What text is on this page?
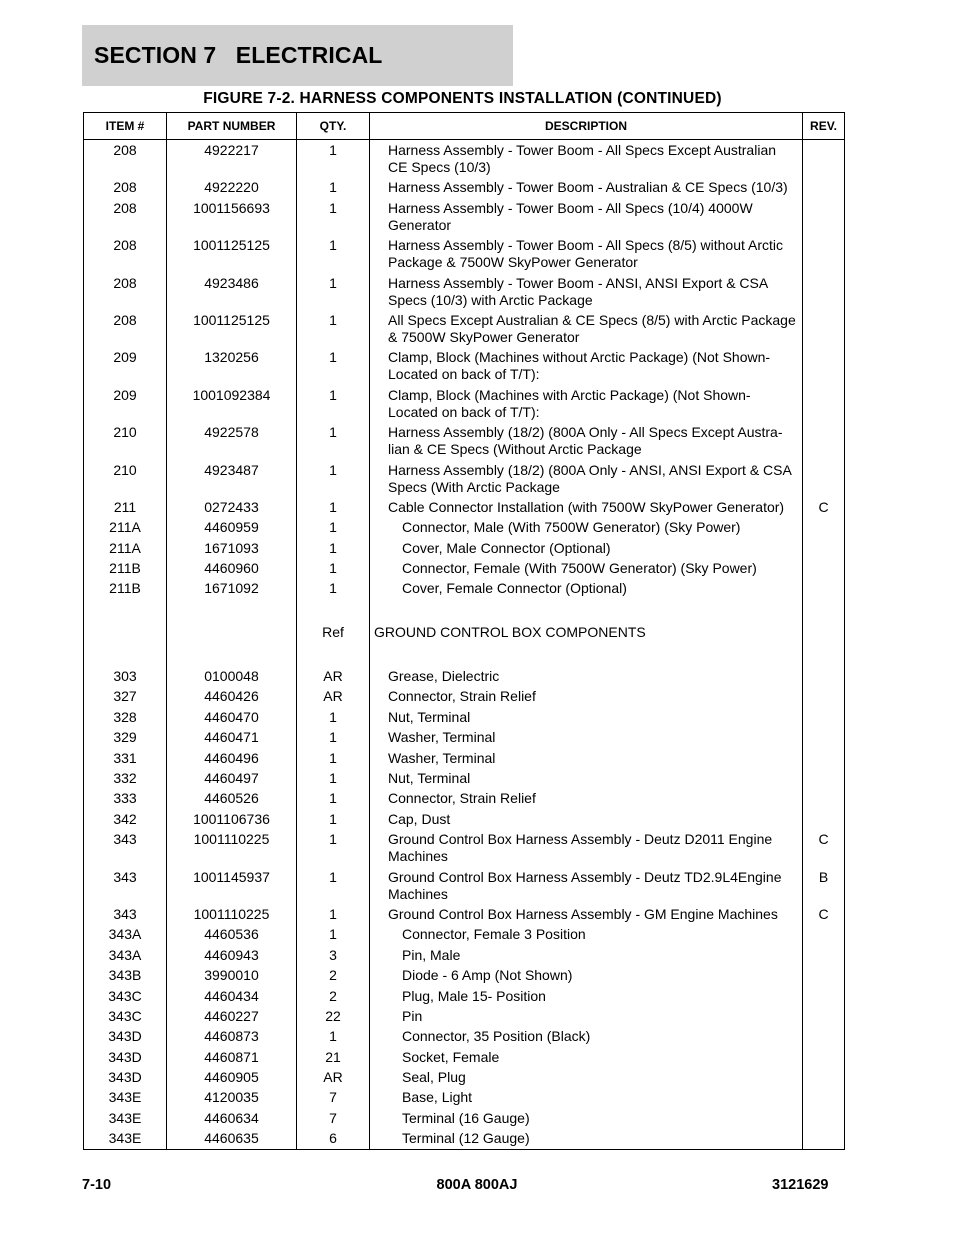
SECTION 7   ELECTRICAL
FIGURE 7-2. HARNESS COMPONENTS INSTALLATION (CONTINUED)
ITEM #	PART NUMBER	QTY.	DESCRIPTION	REV.
208	4922217	1	Harness Assembly - Tower Boom - All Specs Except Australian CE Specs (10/3)	
208	4922220	1	Harness Assembly - Tower Boom - Australian & CE Specs (10/3)	
208	1001156693	1	Harness Assembly - Tower Boom - All Specs (10/4) 4000W Generator	
208	1001125125	1	Harness Assembly - Tower Boom - All Specs (8/5) without Arctic Package & 7500W SkyPower Generator	
208	4923486	1	Harness Assembly - Tower Boom - ANSI, ANSI Export & CSA Specs (10/3) with Arctic Package	
208	1001125125	1	All Specs Except Australian & CE Specs (8/5) with Arctic Package & 7500W SkyPower Generator	
209	1320256	1	Clamp, Block (Machines without Arctic Package) (Not Shown-Located on back of T/T):	
209	1001092384	1	Clamp, Block (Machines with Arctic Package) (Not Shown-Located on back of T/T):	
210	4922578	1	Harness Assembly (18/2) (800A Only - All Specs Except Austra-lian & CE Specs (Without Arctic Package	
210	4923487	1	Harness Assembly (18/2) (800A Only - ANSI, ANSI Export & CSA Specs (With Arctic Package	
211	0272433	1	Cable Connector Installation (with 7500W SkyPower Generator)	C
211A	4460959	1	Connector, Male (With 7500W Generator) (Sky Power)	
211A	1671093	1	Cover, Male Connector (Optional)	
211B	4460960	1	Connector, Female (With 7500W Generator) (Sky Power)	
211B	1671092	1	Cover, Female Connector (Optional)	

		Ref	GROUND CONTROL BOX COMPONENTS	

303	0100048	AR	Grease, Dielectric	
327	4460426	AR	Connector, Strain Relief	
328	4460470	1	Nut, Terminal	
329	4460471	1	Washer, Terminal	
331	4460496	1	Washer, Terminal	
332	4460497	1	Nut, Terminal	
333	4460526	1	Connector, Strain Relief	
342	1001106736	1	Cap, Dust	
343	1001110225	1	Ground Control Box Harness Assembly - Deutz D2011 Engine Machines	C
343	1001145937	1	Ground Control Box Harness Assembly - Deutz TD2.9L4Engine Machines	B
343	1001110225	1	Ground Control Box Harness Assembly - GM Engine Machines	C
343A	4460536	1	Connector, Female 3 Position	
343A	4460943	3	Pin, Male	
343B	3990010	2	Diode - 6 Amp (Not Shown)	
343C	4460434	2	Plug, Male 15- Position	
343C	4460227	22	Pin	
343D	4460873	1	Connector, 35 Position (Black)	
343D	4460871	21	Socket, Female	
343D	4460905	AR	Seal, Plug	
343E	4120035	7	Base, Light	
343E	4460634	7	Terminal (16 Gauge)	
343E	4460635	6	Terminal (12 Gauge)	
7-10	800A 800AJ	3121629
